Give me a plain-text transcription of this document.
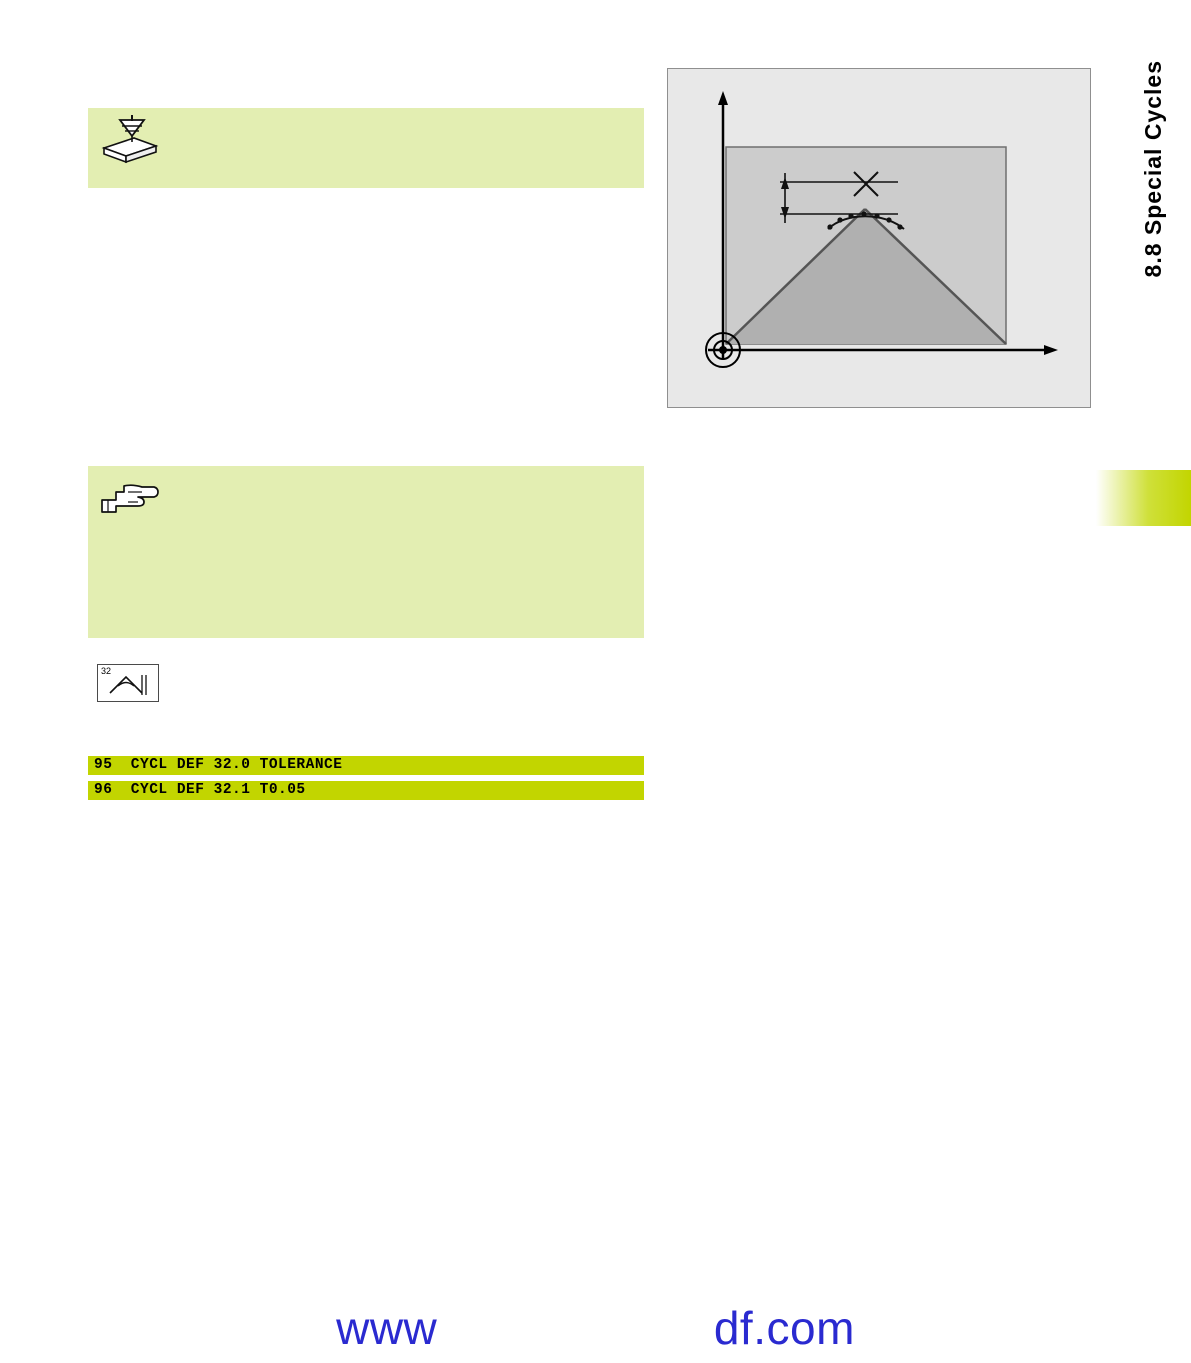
8.8 Special Cycles
32
95  CYCL DEF 32.0 TOLERANCE
96  CYCL DEF 32.1 T0.05
www	df.com
